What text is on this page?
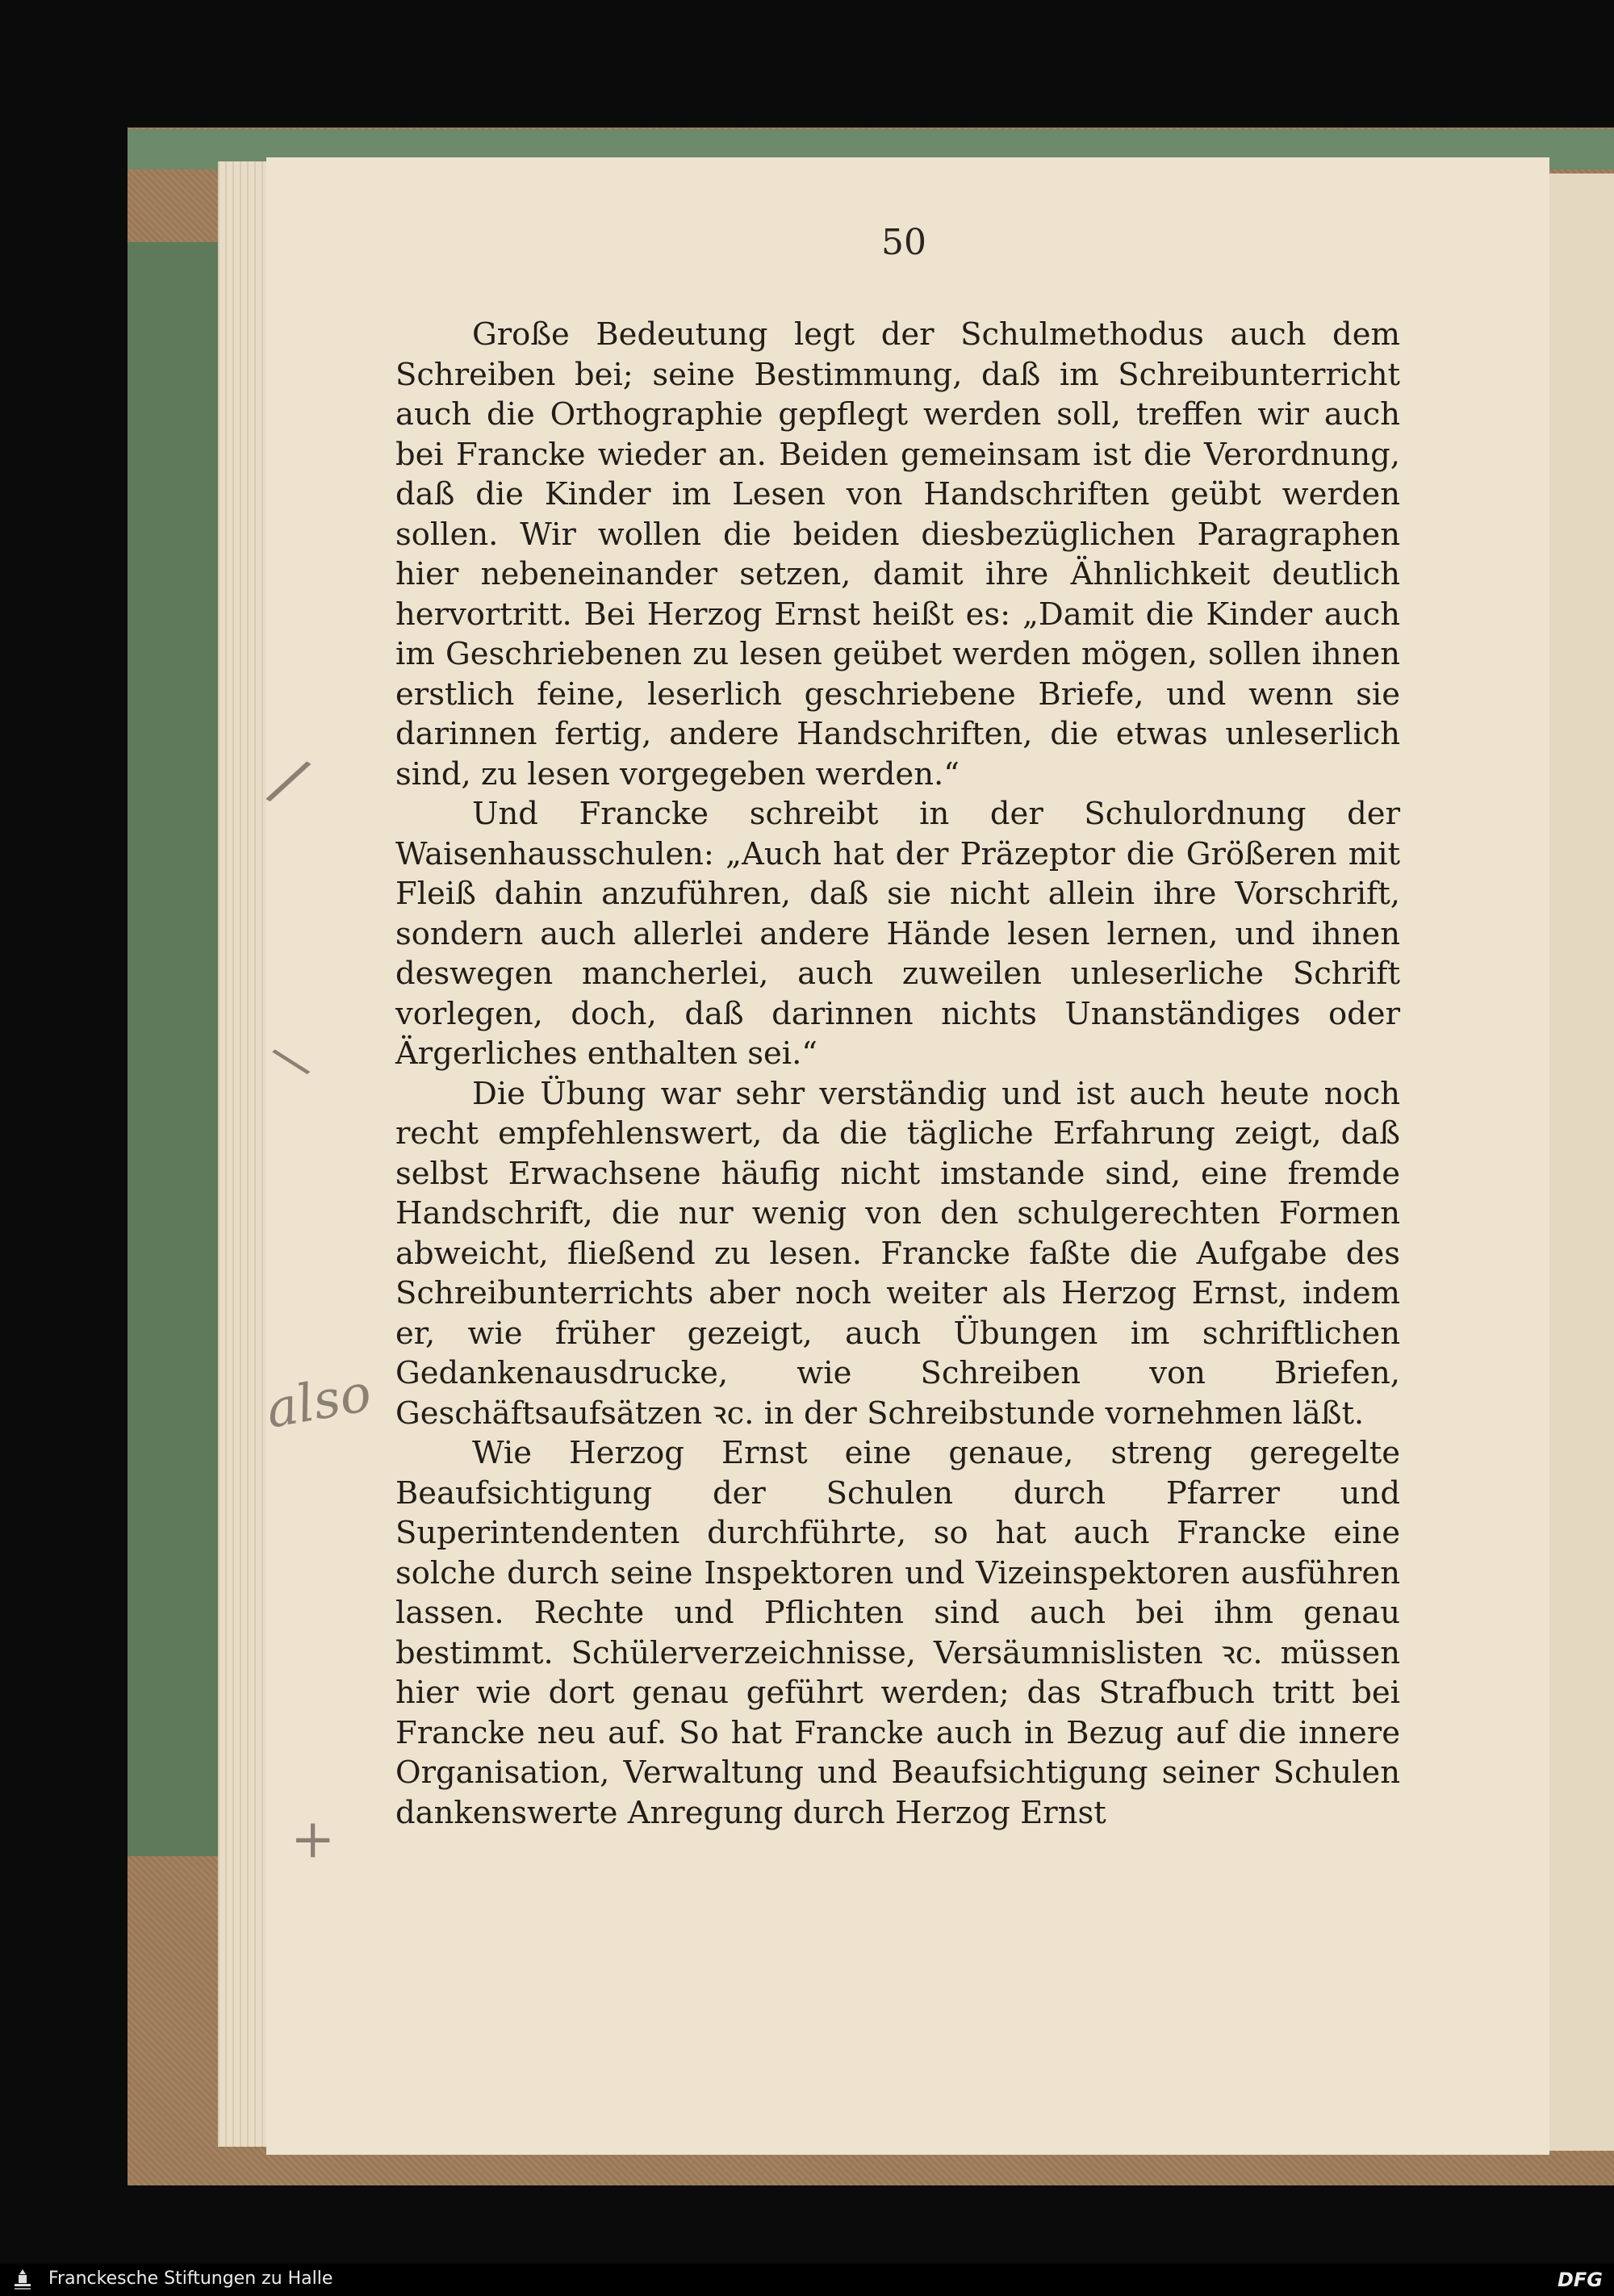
50

Große Bedeutung legt der Schulmethodus auch dem Schreiben bei; seine Bestimmung, daß im Schreibunterricht auch die Orthographie gepflegt werden soll, treffen wir auch bei Francke wieder an. Beiden gemeinsam ist die Verordnung, daß die Kinder im Lesen von Handschriften geübt werden sollen. Wir wollen die beiden diesbezüglichen Paragraphen hier nebeneinander setzen, damit ihre Ähnlichkeit deutlich hervortritt. Bei Herzog Ernst heißt es: „Damit die Kinder auch im Geschriebenen zu lesen geübet werden mögen, sollen ihnen erstlich feine, leserlich geschriebene Briefe, und wenn sie darinnen fertig, andere Handschriften, die etwas unleserlich sind, zu lesen vorgegeben werden.“

Und Francke schreibt in der Schulordnung der Waisenhausschulen: „Auch hat der Präzeptor die Größeren mit Fleiß dahin anzuführen, daß sie nicht allein ihre Vorschrift, sondern auch allerlei andere Hände lesen lernen, und ihnen deswegen mancherlei, auch zuweilen unleserliche Schrift vorlegen, doch, daß darinnen nichts Unanständiges oder Ärgerliches enthalten sei.“

Die Übung war sehr verständig und ist auch heute noch recht empfehlenswert, da die tägliche Erfahrung zeigt, daß selbst Erwachsene häufig nicht imstande sind, eine fremde Handschrift, die nur wenig von den schulgerechten Formen abweicht, fließend zu lesen. Francke faßte die Aufgabe des Schreibunterrichts aber noch weiter als Herzog Ernst, indem er, wie früher gezeigt, auch Übungen im schriftlichen Gedankenausdrucke, wie Schreiben von Briefen, Geschäftsaufsätzen ꝛc. in der Schreibstunde vornehmen läßt.

Wie Herzog Ernst eine genaue, streng geregelte Beaufsichtigung der Schulen durch Pfarrer und Superintendenten durchführte, so hat auch Francke eine solche durch seine Inspektoren und Vizeinspektoren ausführen lassen. Rechte und Pflichten sind auch bei ihm genau bestimmt. Schülerverzeichnisse, Versäumnislisten ꝛc. müssen hier wie dort genau geführt werden; das Strafbuch tritt bei Francke neu auf. So hat Francke auch in Bezug auf die innere Organisation, Verwaltung und Beaufsichtigung seiner Schulen dankenswerte Anregung durch Herzog Ernst

/
\
also
+
Franckesche Stiftungen zu Halle	DFG
